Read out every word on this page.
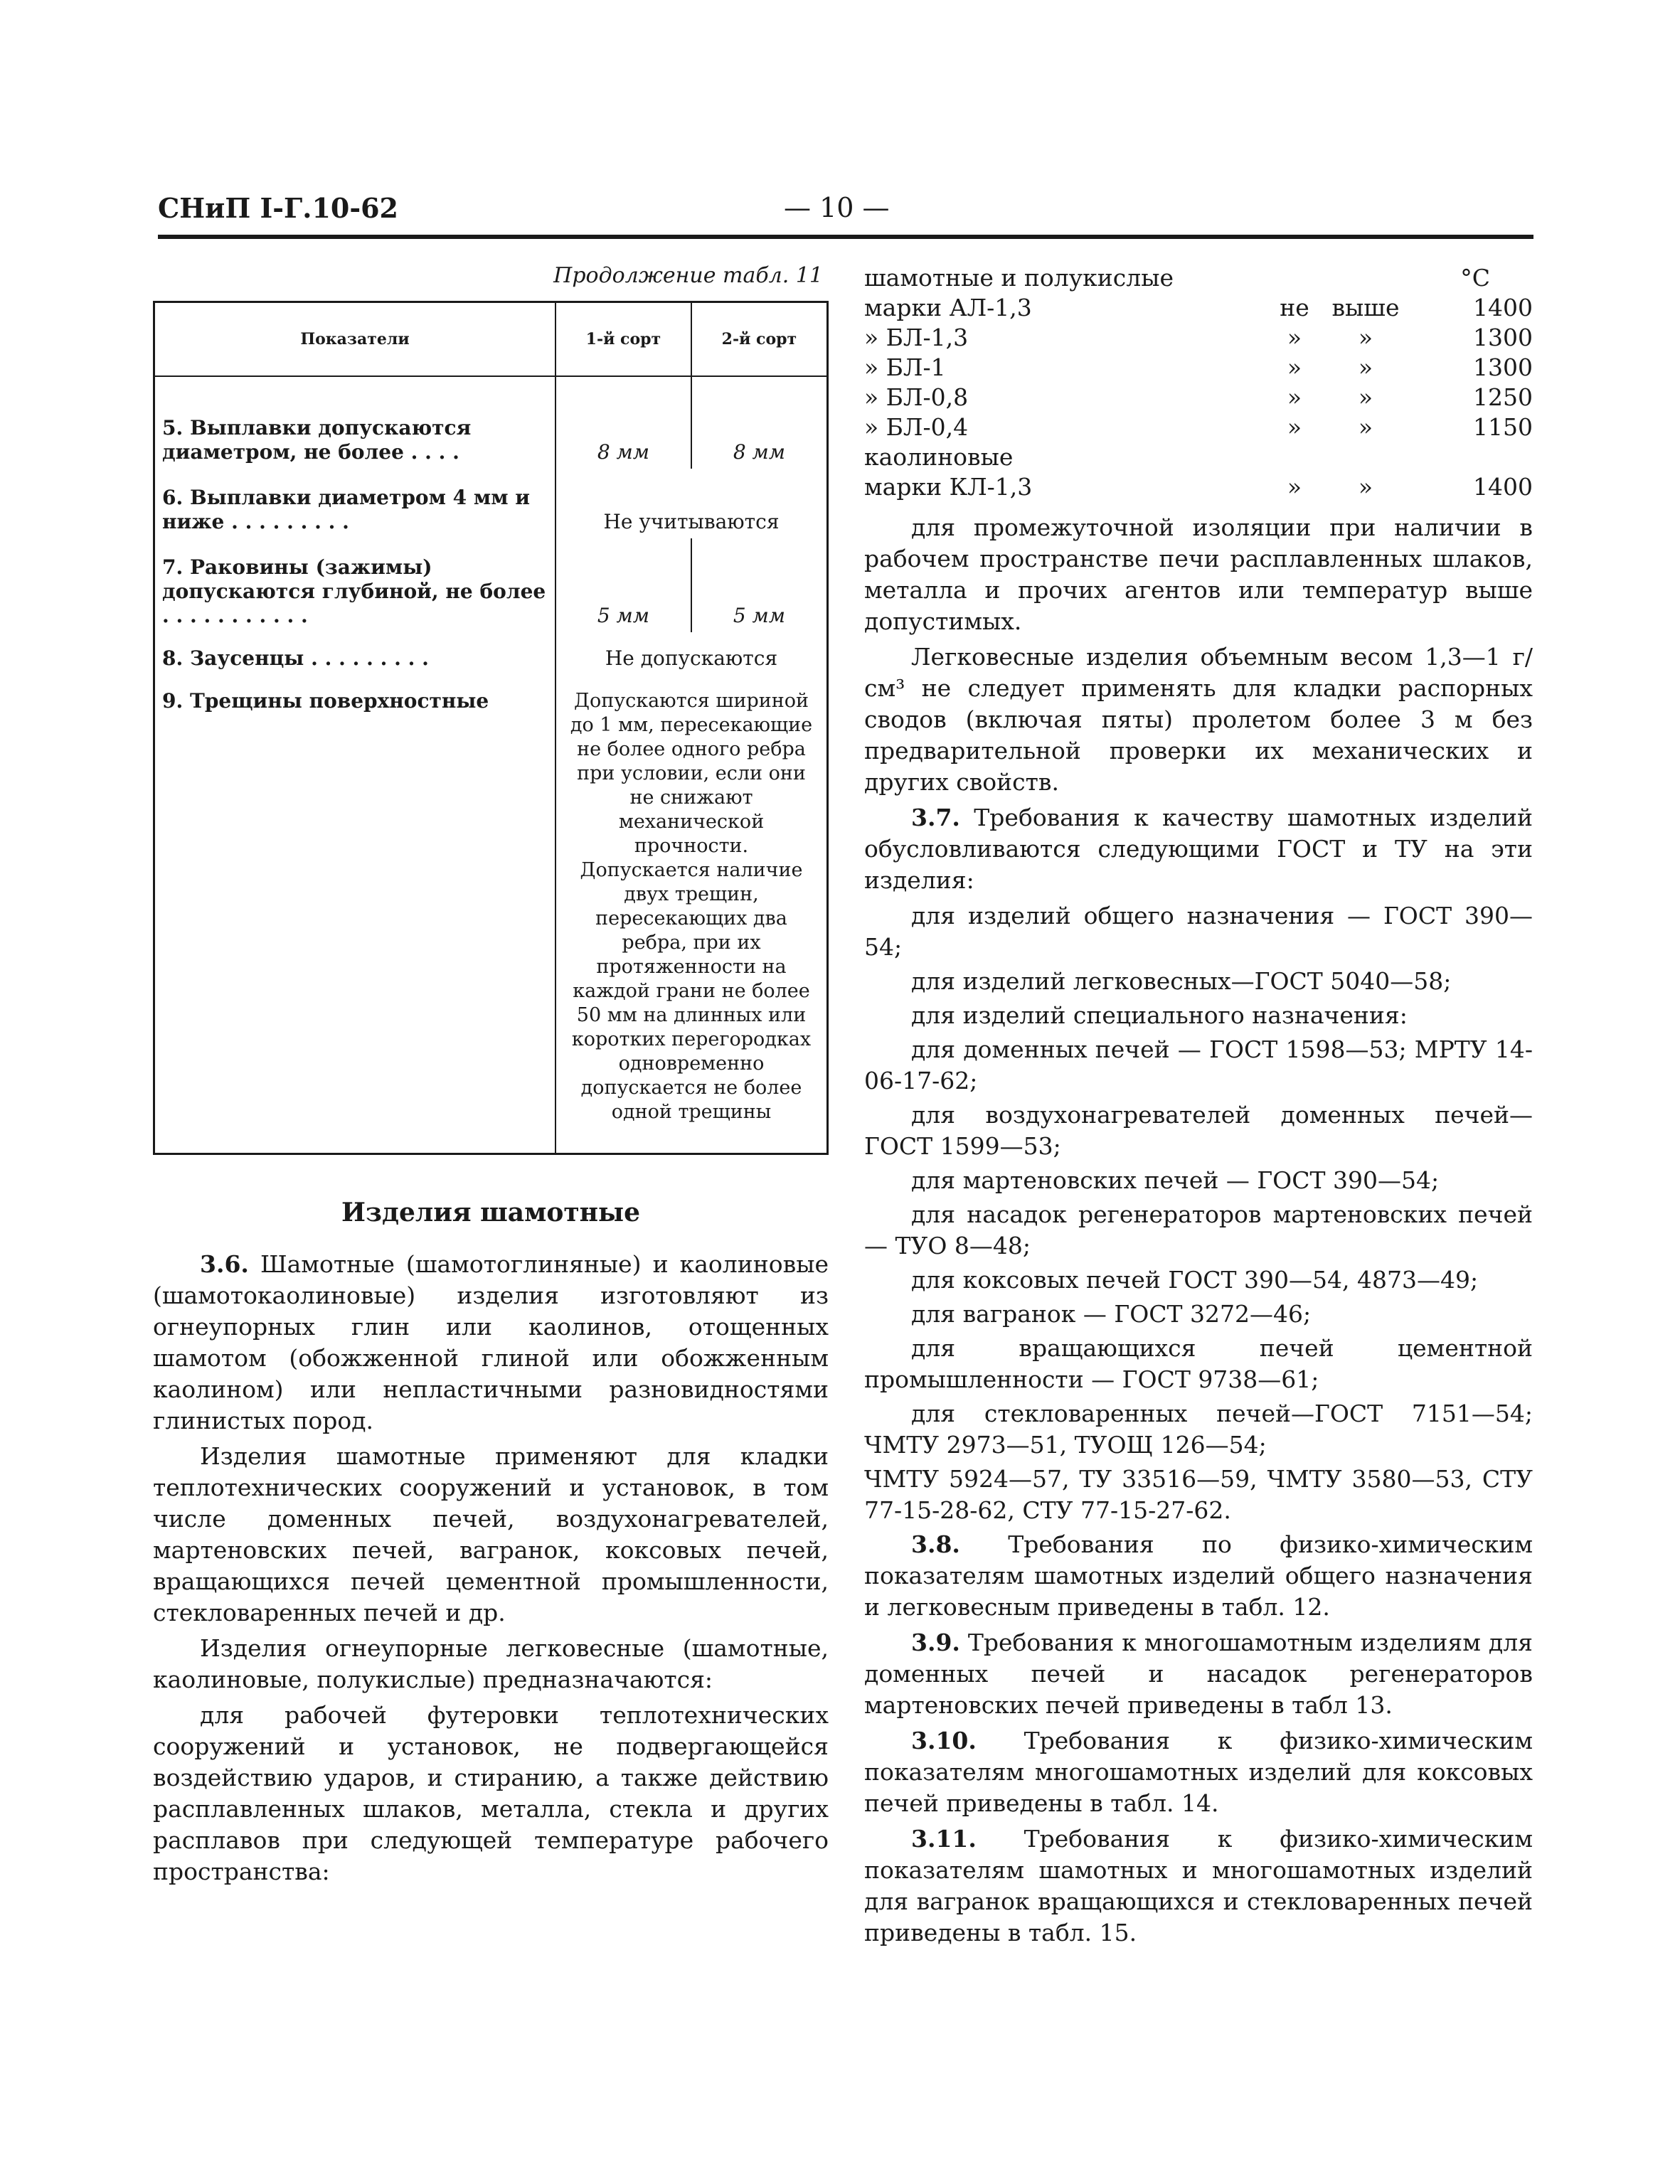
СНиП I-Г.10-62	— 10 —
Продолжение табл. 11
Показатели	1-й сорт	2-й сорт
5. Выплавки допускаются диаметром, не более . . . .	8 мм	8 мм
6. Выплавки диаметром 4 мм и ниже . . . . . . . . .	Не учитываются	
7. Раковины (зажимы) допускаются глубиной, не более . . . . . . . . . . .	5 мм	5 мм
8. Заусенцы . . . . . . . . .	Не допускаются	
9. Трещины поверхностные	Допускаются шириной до 1 мм, пересекающие не более одного ребра при условии, если они не снижают механической прочности. Допускается наличие двух трещин, пересекающих два ребра, при их протяженности на каждой грани не более 50 мм на длинных или коротких перегородках одновременно допускается не более одной трещины	
Изделия шамотные

3.6. Шамотные (шамотоглиняные) и каолиновые (шамотокаолиновые) изделия изготовляют из огнеупорных глин или каолинов, отощенных шамотом (обожженной глиной или обожженным каолином) или непластичными разновидностями глинистых пород.

Изделия шамотные применяют для кладки теплотехнических сооружений и установок, в том числе доменных печей, воздухонагревателей, мартеновских печей, вагранок, коксовых печей, вращающихся печей цементной промышленности, стекловаренных печей и др.

Изделия огнеупорные легковесные (шамотные, каолиновые, полукислые) предназначаются:

для рабочей футеровки теплотехнических сооружений и установок, не подвергающейся воздействию ударов, и стиранию, а также действию расплавленных шлаков, металла, стекла и других расплавов при следующей температуре рабочего пространства:

шамотные и полукислые			°С
марки АЛ-1,3	не	выше	1400
» БЛ-1,3	»	»	1300
» БЛ-1	»	»	1300
» БЛ-0,8	»	»	1250
» БЛ-0,4	»	»	1150
каолиновые			
марки КЛ-1,3	»	»	1400

для промежуточной изоляции при наличии в рабочем пространстве печи расплавленных шлаков, металла и прочих агентов или температур выше допустимых.

Легковесные изделия объемным весом 1,3—1 г/см³ не следует применять для кладки распорных сводов (включая пяты) пролетом более 3 м без предварительной проверки их механических и других свойств.

3.7. Требования к качеству шамотных изделий обусловливаются следующими ГОСТ и ТУ на эти изделия:

для изделий общего назначения — ГОСТ 390—54;

для изделий легковесных—ГОСТ 5040—58;

для изделий специального назначения:

для доменных печей — ГОСТ 1598—53; МРТУ 14-06-17-62;

для воздухонагревателей доменных печей— ГОСТ 1599—53;

для мартеновских печей — ГОСТ 390—54;

для насадок регенераторов мартеновских печей — ТУО 8—48;

для коксовых печей ГОСТ 390—54, 4873—49;

для вагранок — ГОСТ 3272—46;

для вращающихся печей цементной промышленности — ГОСТ 9738—61;

для стекловаренных печей—ГОСТ 7151—54; ЧМТУ 2973—51, ТУОЩ 126—54;

ЧМТУ 5924—57, ТУ 33516—59, ЧМТУ 3580—53, СТУ 77-15-28-62, СТУ 77-15-27-62.

3.8. Требования по физико-химическим показателям шамотных изделий общего назначения и легковесным приведены в табл. 12.

3.9. Требования к многошамотным изделиям для доменных печей и насадок регенераторов мартеновских печей приведены в табл 13.

3.10. Требования к физико-химическим показателям многошамотных изделий для коксовых печей приведены в табл. 14.

3.11. Требования к физико-химическим показателям шамотных и многошамотных изделий для вагранок вращающихся и стекловаренных печей приведены в табл. 15.
